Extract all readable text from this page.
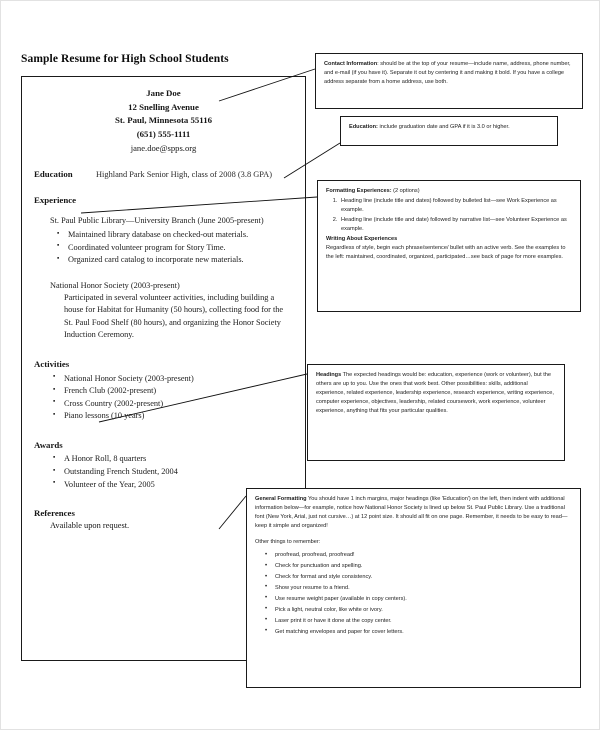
Sample Resume for High School Students
Jane Doe
12 Snelling Avenue
St. Paul, Minnesota 55116
(651) 555-1111
jane.doe@spps.org
Education	Highland Park Senior High, class of 2008 (3.8 GPA)
Experience
St. Paul Public Library—University Branch (June 2005-present)
▪ Maintained library database on checked-out materials.
▪ Coordinated volunteer program for Story Time.
▪ Organized card catalog to incorporate new materials.
National Honor Society (2003-present)
Participated in several volunteer activities, including building a house for Habitat for Humanity (50 hours), collecting food for the St. Paul Food Shelf (80 hours), and organizing the Honor Society Induction Ceremony.
Activities
▪ National Honor Society (2003-present)
▪ French Club (2002-present)
▪ Cross Country (2002-present)
▪ Piano lessons (10 years)
Awards
▪ A Honor Roll, 8 quarters
▪ Outstanding French Student, 2004
▪ Volunteer of the Year, 2005
References
Available upon request.

Contact Information: should be at the top of your resume—include name, address, phone number, and e-mail (if you have it). Separate it out by centering it and making it bold. If you have a college address separate from a home address, use both.

Education: include graduation date and GPA if it is 3.0 or higher.

Formatting Experiences: (2 options)

1. Heading line (include title and dates) followed by bulleted list—see Work Experience as example.
2. Heading line (include title and date) followed by narrative list—see Volunteer Experience as example.
Writing About Experiences

Regardless of style, begin each phrase/sentence/ bullet with an active verb. See the examples to the left: maintained, coordinated, organized, participated…see back of page for more examples.

Headings The expected headings would be: education, experience (work or volunteer), but the others are up to you. Use the ones that work best. Other possibilities: skills, additional experience, related experience, leadership experience, research experience, writing experience, computer experience, objectives, leadership, related coursework, work experience, volunteer experience, anything that fits your particular qualities.

General Formatting You should have 1 inch margins, major headings (like 'Education') on the left, then indent with additional information below—for example, notice how National Honor Society is lined up below St. Paul Public Library. Use a traditional font (New York, Arial, just not cursive…) at 12 point size. It should all fit on one page. Remember, it needs to be easy to read—keep it simple and organized!

Other things to remember:

• proofread, proofread, proofread!
• Check for punctuation and spelling.
• Check for format and style consistency.
• Show your resume to a friend.
• Use resume weight paper (available in copy centers).
• Pick a light, neutral color, like white or ivory.
• Laser print it or have it done at the copy center.
• Get matching envelopes and paper for cover letters.
